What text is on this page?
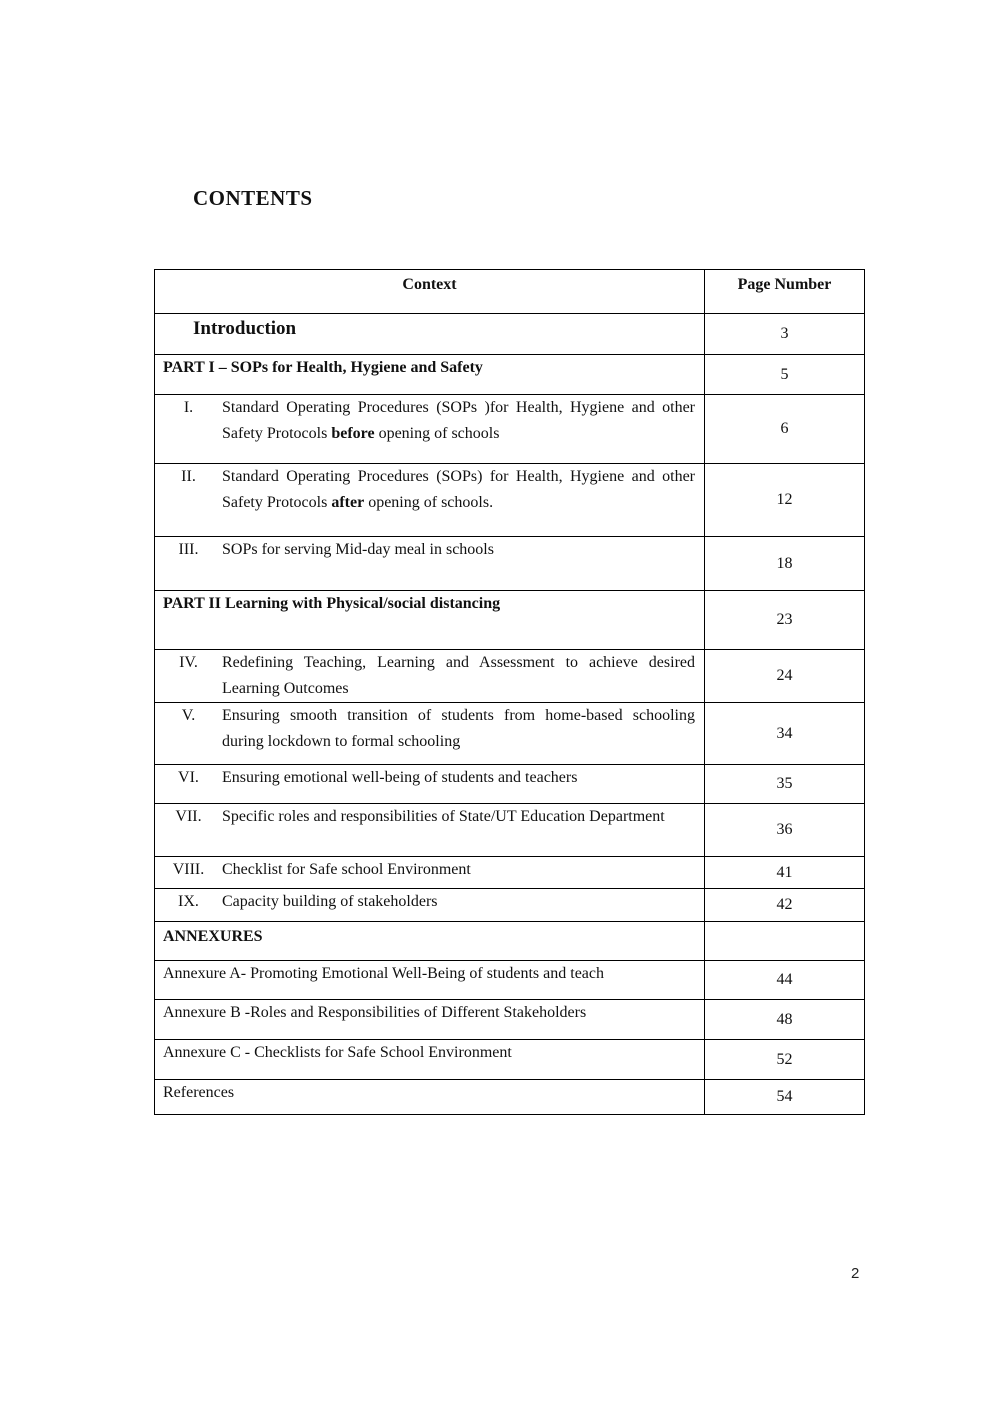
CONTENTS
Context	Page Number
Introduction	3
PART I – SOPs for Health, Hygiene and Safety	5

I. Standard Operating Procedures (SOPs )for Health, Hygiene and other Safety Protocols before opening of schools	6

II. Standard Operating Procedures (SOPs) for Health, Hygiene and other Safety Protocols after opening of schools.	12

III. SOPs for serving Mid-day meal in schools	18
PART II Learning with Physical/social distancing	23

IV. Redefining Teaching, Learning and Assessment to achieve desired Learning Outcomes	24

V. Ensuring smooth transition of students from home-based schooling during lockdown to formal schooling	34

VI. Ensuring emotional well-being of students and teachers	35

VII. Specific roles and responsibilities of State/UT Education Department	36

VIII. Checklist for Safe school Environment	41

IX. Capacity building of stakeholders	42
ANNEXURES	
Annexure A- Promoting Emotional Well-Being of students and teach	44
Annexure B -Roles and Responsibilities of Different Stakeholders	48
Annexure C - Checklists for Safe School Environment	52
References	54
2
